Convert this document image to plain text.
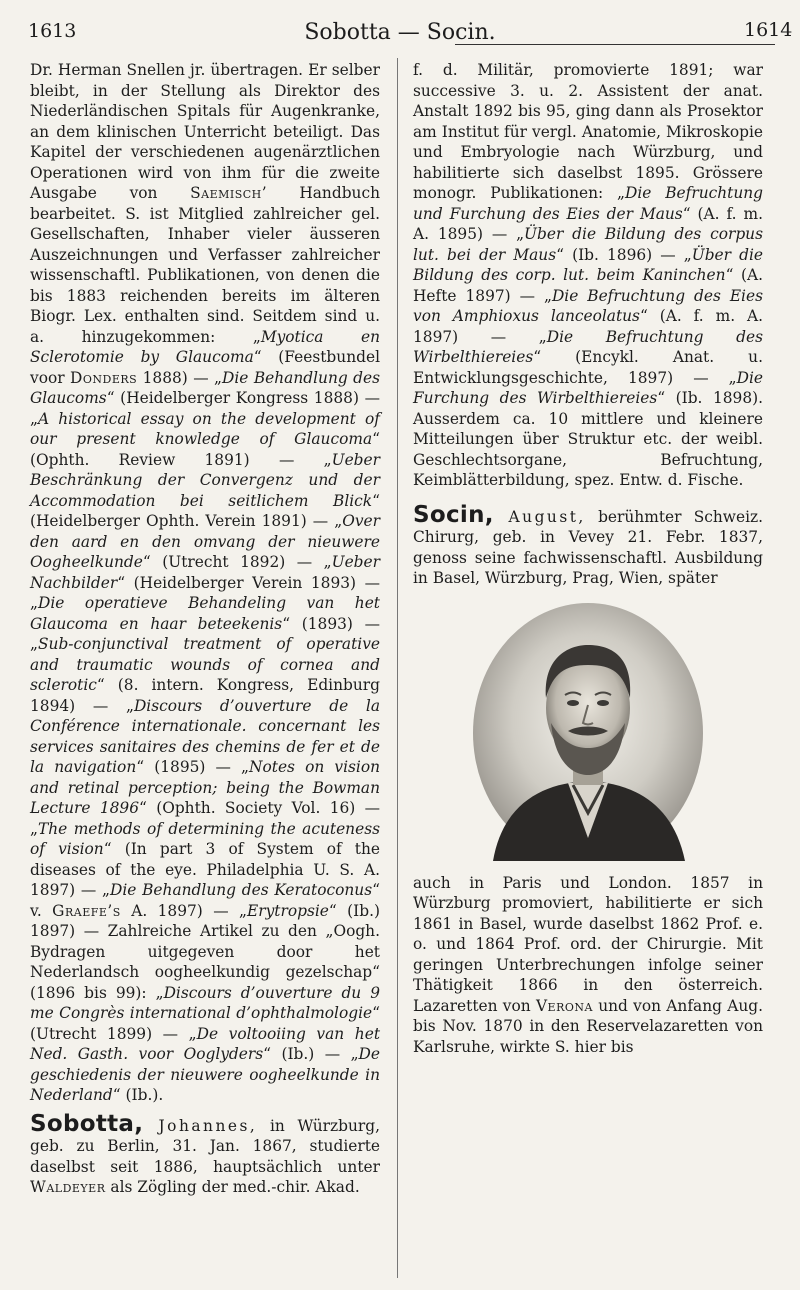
1613	Sobotta — Socin.	1614

Dr. Herman Snellen jr. übertragen. Er selber bleibt, in der Stellung als Direktor des Niederländischen Spitals für Augenkranke, an dem klinischen Unterricht beteiligt. Das Kapitel der verschiedenen augenärztlichen Operationen wird von ihm für die zweite Ausgabe von Saemisch’ Handbuch bearbeitet. S. ist Mitglied zahlreicher gel. Gesellschaften, Inhaber vieler äusseren Auszeichnungen und Verfasser zahlreicher wissenschaftl. Publikationen, von denen die bis 1883 reichenden bereits im älteren Biogr. Lex. enthalten sind. Seitdem sind u. a. hinzugekommen: „Myotica en Sclerotomie by Glaucoma“ (Feestbundel voor Donders 1888) — „Die Behandlung des Glaucoms“ (Heidelberger Kongress 1888) — „A historical essay on the development of our present knowledge of Glaucoma“ (Ophth. Review 1891) — „Ueber Beschränkung der Convergenz und der Accommodation bei seitlichem Blick“ (Heidelberger Ophth. Verein 1891) — „Over den aard en den omvang der nieuwere Oogheelkunde“ (Utrecht 1892) — „Ueber Nachbilder“ (Heidelberger Verein 1893) — „Die operatieve Behandeling van het Glaucoma en haar beteekenis“ (1893) — „Sub-conjunctival treatment of operative and traumatic wounds of cornea and sclerotic“ (8. intern. Kongress, Edinburg 1894) — „Discours d’ouverture de la Conférence internationale. concernant les services sanitaires des chemins de fer et de la navigation“ (1895) — „Notes on vision and retinal perception; being the Bowman Lecture 1896“ (Ophth. Society Vol. 16) — „The methods of determining the acuteness of vision“ (In part 3 of System of the diseases of the eye. Philadelphia U. S. A. 1897) — „Die Behandlung des Keratoconus“ v. Graefe’s A. 1897) — „Erytropsie“ (Ib.) 1897) — Zahlreiche Artikel zu den „Oogh. Bydragen uitgegeven door het Nederlandsch oogheelkundig gezelschap“ (1896 bis 99): „Discours d’ouverture du 9 me Congrès international d’ophthalmologie“ (Utrecht 1899) — „De voltooiing van het Ned. Gasth. voor Ooglyders“ (Ib.) — „De geschiedenis der nieuwere oogheelkunde in Nederland“ (Ib.).

Sobotta, Johannes, in Würzburg, geb. zu Berlin, 31. Jan. 1867, studierte daselbst seit 1886, hauptsächlich unter Waldeyer als Zögling der med.-chir. Akad.

f. d. Militär, promovierte 1891; war successive 3. u. 2. Assistent der anat. Anstalt 1892 bis 95, ging dann als Prosektor am Institut für vergl. Anatomie, Mikroskopie und Embryologie nach Würzburg, und habilitierte sich daselbst 1895. Grössere monogr. Publikationen: „Die Befruchtung und Furchung des Eies der Maus“ (A. f. m. A. 1895) — „Über die Bildung des corpus lut. bei der Maus“ (Ib. 1896) — „Über die Bildung des corp. lut. beim Kaninchen“ (A. Hefte 1897) — „Die Befruchtung des Eies von Amphioxus lanceolatus“ (A. f. m. A. 1897) — „Die Befruchtung des Wirbelthiereies“ (Encykl. Anat. u. Entwicklungsgeschichte, 1897) — „Die Furchung des Wirbelthiereies“ (Ib. 1898). Ausserdem ca. 10 mittlere und kleinere Mitteilungen über Struktur etc. der weibl. Geschlechtsorgane, Befruchtung, Keimblätterbildung, spez. Entw. d. Fische.

Socin, August, berühmter Schweiz. Chirurg, geb. in Vevey 21. Febr. 1837, genoss seine fachwissenschaftl. Ausbildung in Basel, Würzburg, Prag, Wien, später

auch in Paris und London. 1857 in Würzburg promoviert, habilitierte er sich 1861 in Basel, wurde daselbst 1862 Prof. e. o. und 1864 Prof. ord. der Chirurgie. Mit geringen Unterbrechungen infolge seiner Thätigkeit 1866 in den österreich. Lazaretten von Verona und von Anfang Aug. bis Nov. 1870 in den Reservelazaretten von Karlsruhe, wirkte S. hier bis
